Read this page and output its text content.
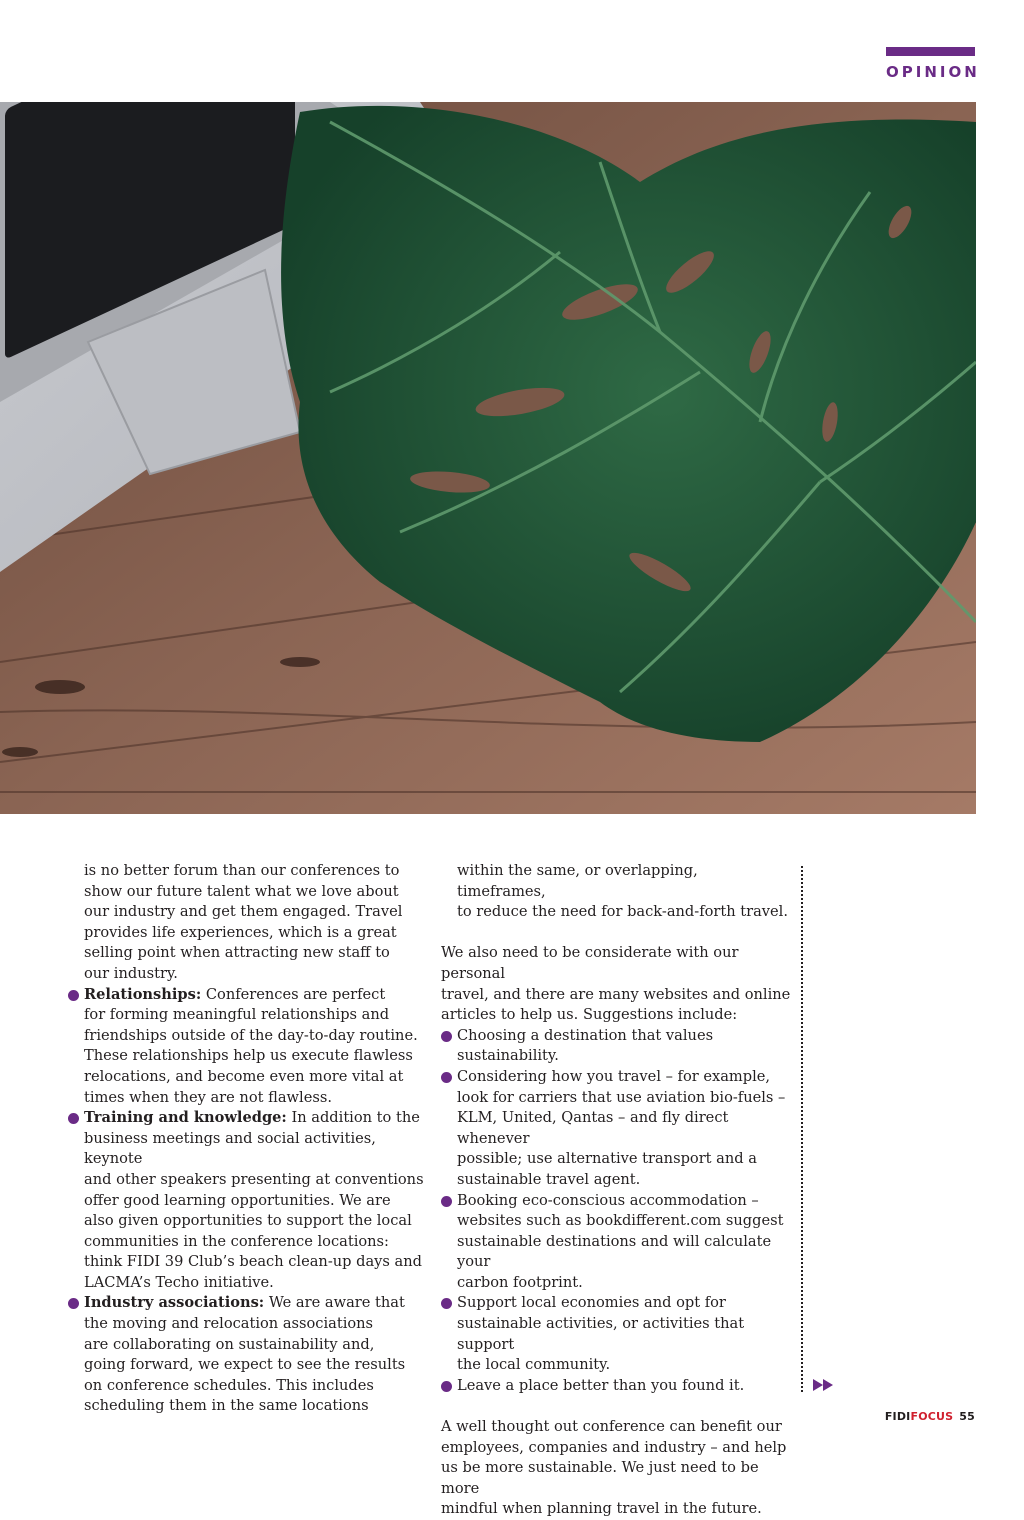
OPINION

is no better forum than our conferences to

show our future talent what we love about

our industry and get them engaged. Travel

provides life experiences, which is a great

selling point when attracting new staff to

our industry.

Relationships: Conferences are perfect

for forming meaningful relationships and

friendships outside of the day-to-day routine.

These relationships help us execute flawless

relocations, and become even more vital at

times when they are not flawless.

Training and knowledge: In addition to the

business meetings and social activities, keynote

and other speakers presenting at conventions

offer good learning opportunities. We are

also given opportunities to support the local

communities in the conference locations:

think FIDI 39 Club’s beach clean-up days and

LACMA’s Techo initiative.

Industry associations: We are aware that

the moving and relocation associations

are collaborating on sustainability and,

going forward, we expect to see the results

on conference schedules. This includes

scheduling them in the same locations

within the same, or overlapping, timeframes,

to reduce the need for back-and-forth travel.

We also need to be considerate with our personal

travel, and there are many websites and online

articles to help us. Suggestions include:

Choosing a destination that values

sustainability.

Considering how you travel – for example,

look for carriers that use aviation bio-fuels –

KLM, United, Qantas – and fly direct whenever

possible; use alternative transport and a

sustainable travel agent.

Booking eco-conscious accommodation –

websites such as bookdifferent.com suggest

sustainable destinations and will calculate your

carbon footprint.

Support local economies and opt for

sustainable activities, or activities that support

the local community.

Leave a place better than you found it.

A well thought out conference can benefit our

employees, companies and industry – and help

us be more sustainable. We just need to be more

mindful when planning travel in the future.

FIDIFOCUS 55
